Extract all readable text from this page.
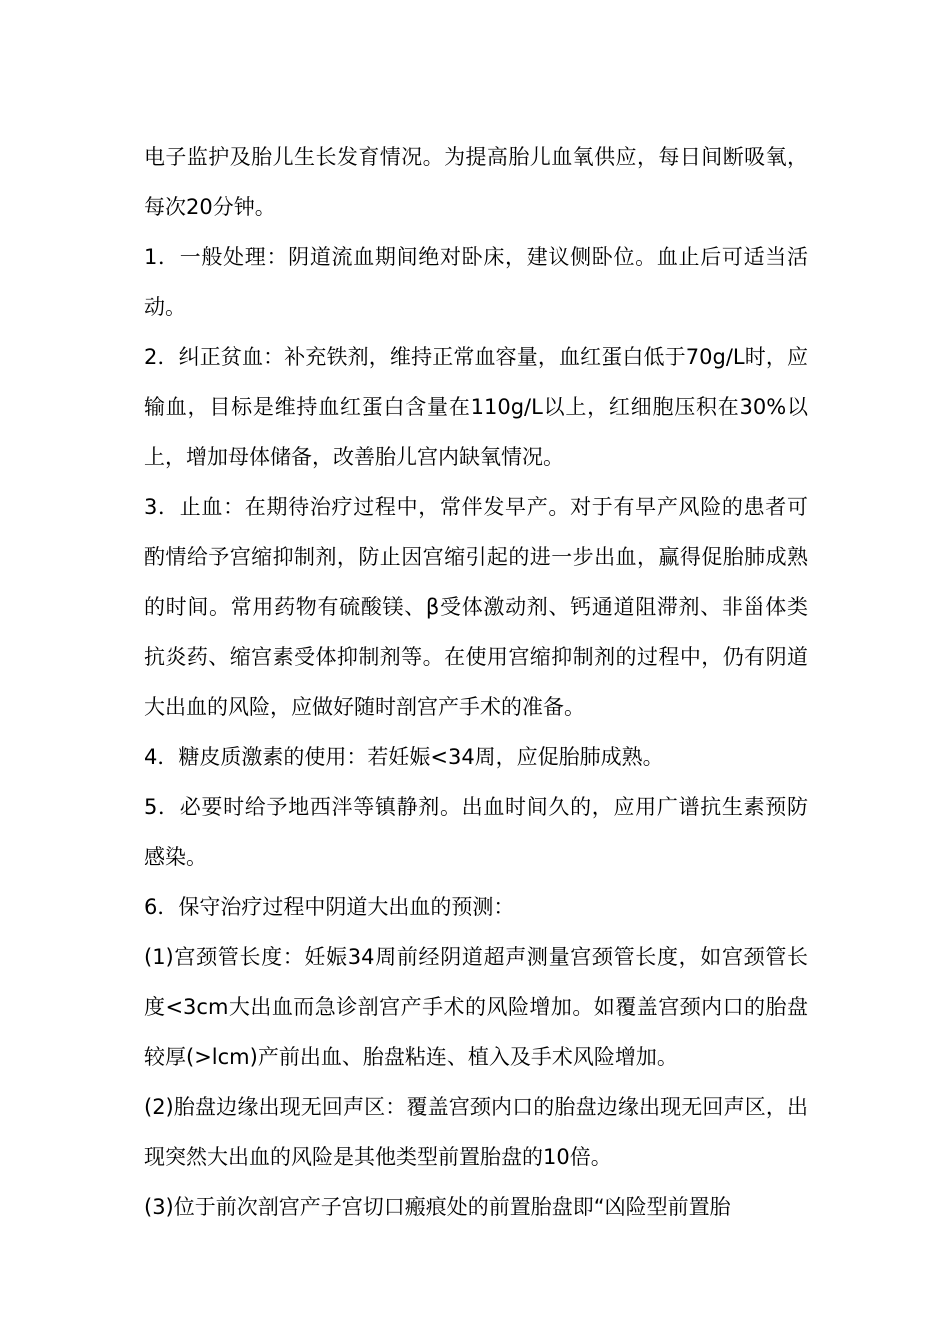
电子监护及胎儿生长发育情况。为提高胎儿血氧供应，每日间断吸氧，每次20分钟。

1．一般处理：阴道流血期间绝对卧床，建议侧卧位。血止后可适当活动。

2．纠正贫血：补充铁剂，维持正常血容量，血红蛋白低于70g/L时，应输血，目标是维持血红蛋白含量在110g/L以上，红细胞压积在30%以上，增加母体储备，改善胎儿宫内缺氧情况。

3．止血：在期待治疗过程中，常伴发早产。对于有早产风险的患者可酌情给予宫缩抑制剂，防止因宫缩引起的进一步出血，赢得促胎肺成熟的时间。常用药物有硫酸镁、β受体激动剂、钙通道阻滞剂、非甾体类抗炎药、缩宫素受体抑制剂等。在使用宫缩抑制剂的过程中，仍有阴道大出血的风险，应做好随时剖宫产手术的准备。

4．糖皮质激素的使用：若妊娠<34周，应促胎肺成熟。

5．必要时给予地西泮等镇静剂。出血时间久的，应用广谱抗生素预防感染。

6．保守治疗过程中阴道大出血的预测：

(1)宫颈管长度：妊娠34周前经阴道超声测量宫颈管长度，如宫颈管长度<3cm大出血而急诊剖宫产手术的风险增加。如覆盖宫颈内口的胎盘较厚(>lcm)产前出血、胎盘粘连、植入及手术风险增加。

(2)胎盘边缘出现无回声区：覆盖宫颈内口的胎盘边缘出现无回声区，出现突然大出血的风险是其他类型前置胎盘的10倍。

(3)位于前次剖宫产子宫切口瘢痕处的前置胎盘即“凶险型前置胎
